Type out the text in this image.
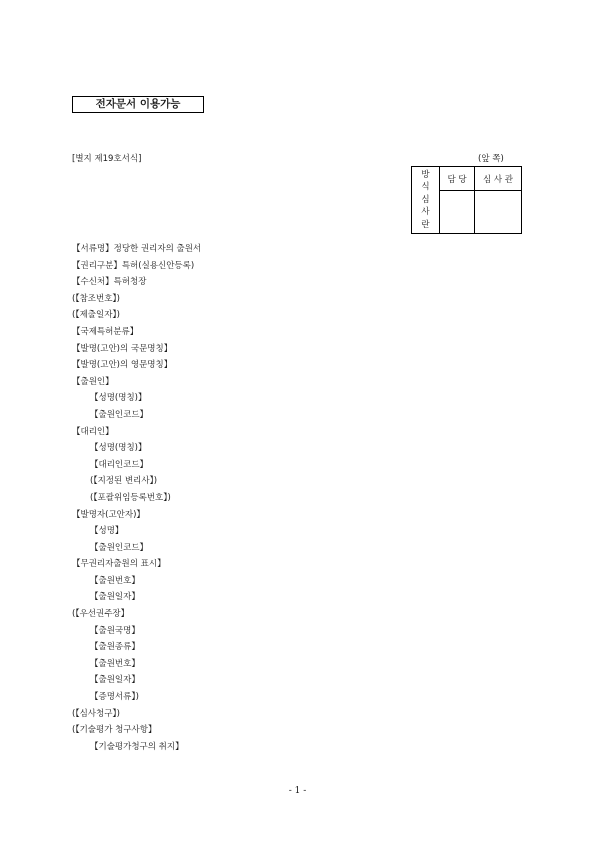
전자문서 이용가능
[별지 제19호서식]	(앞 쪽)
방
식
심
사
란	담 당	심 사 관

【서류명】정당한 권리자의 출원서
【권리구분】특허(실용신안등록)
【수신처】특허청장
(【참조번호】)
(【제출일자】)
【국제특허분류】
【발명(고안)의 국문명칭】
【발명(고안)의 영문명칭】
【출원인】
【성명(명칭)】
【출원인코드】
【대리인】
【성명(명칭)】
【대리인코드】
(【지정된 변리사】)
(【포괄위임등록번호】)
【발명자(고안자)】
【성명】
【출원인코드】
【무권리자출원의 표시】
【출원번호】
【출원일자】
(【우선권주장】
【출원국명】
【출원종류】
【출원번호】
【출원일자】
【증명서류】)
(【심사청구】)
(【기술평가 청구사항】
【기술평가청구의 취지】
- 1 -
